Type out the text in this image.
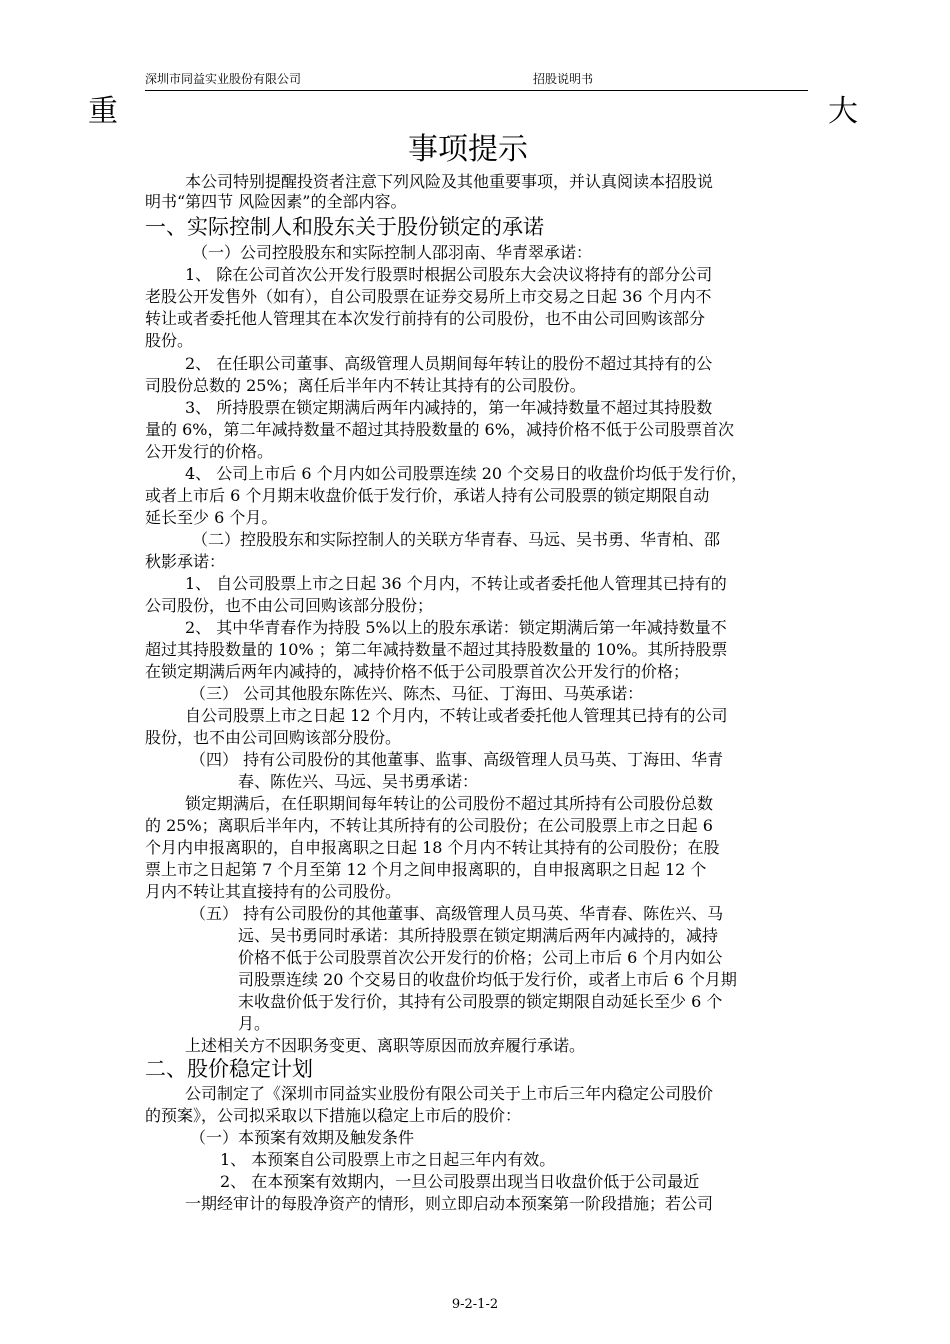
深圳市同益实业股份有限公司	招股说明书
重	大
事项提示
本公司特别提醒投资者注意下列风险及其他重要事项，并认真阅读本招股说
明书“第四节 风险因素”的全部内容。
一、实际控制人和股东关于股份锁定的承诺
（一）公司控股股东和实际控制人邵羽南、华青翠承诺：
1、 除在公司首次公开发行股票时根据公司股东大会决议将持有的部分公司
老股公开发售外（如有），自公司股票在证券交易所上市交易之日起 36 个月内不
转让或者委托他人管理其在本次发行前持有的公司股份，也不由公司回购该部分
股份。
2、 在任职公司董事、高级管理人员期间每年转让的股份不超过其持有的公
司股份总数的 25%；离任后半年内不转让其持有的公司股份。
3、 所持股票在锁定期满后两年内减持的，第一年减持数量不超过其持股数
量的 6%，第二年减持数量不超过其持股数量的 6%，减持价格不低于公司股票首次
公开发行的价格。
4、 公司上市后 6 个月内如公司股票连续 20 个交易日的收盘价均低于发行价，
或者上市后 6 个月期末收盘价低于发行价，承诺人持有公司股票的锁定期限自动
延长至少 6 个月。
（二）控股股东和实际控制人的关联方华青春、马远、吴书勇、华青柏、邵
秋影承诺：
1、 自公司股票上市之日起 36 个月内，不转让或者委托他人管理其已持有的
公司股份，也不由公司回购该部分股份；
2、 其中华青春作为持股 5%以上的股东承诺：锁定期满后第一年减持数量不
超过其持股数量的 10% ；第二年减持数量不超过其持股数量的 10%。其所持股票
在锁定期满后两年内减持的，减持价格不低于公司股票首次公开发行的价格；
（三） 公司其他股东陈佐兴、陈杰、马征、丁海田、马英承诺：
自公司股票上市之日起 12 个月内，不转让或者委托他人管理其已持有的公司
股份，也不由公司回购该部分股份。
（四） 持有公司股份的其他董事、监事、高级管理人员马英、丁海田、华青
春、陈佐兴、马远、吴书勇承诺：
锁定期满后，在任职期间每年转让的公司股份不超过其所持有公司股份总数
的 25%；离职后半年内，不转让其所持有的公司股份；在公司股票上市之日起 6
个月内申报离职的，自申报离职之日起 18 个月内不转让其持有的公司股份；在股
票上市之日起第 7 个月至第 12 个月之间申报离职的，自申报离职之日起 12 个
月内不转让其直接持有的公司股份。
（五） 持有公司股份的其他董事、高级管理人员马英、华青春、陈佐兴、马
远、吴书勇同时承诺：其所持股票在锁定期满后两年内减持的，减持
价格不低于公司股票首次公开发行的价格；公司上市后 6 个月内如公
司股票连续 20 个交易日的收盘价均低于发行价，或者上市后 6 个月期
末收盘价低于发行价，其持有公司股票的锁定期限自动延长至少 6 个
月。
上述相关方不因职务变更、离职等原因而放弃履行承诺。
二、股价稳定计划
公司制定了《深圳市同益实业股份有限公司关于上市后三年内稳定公司股价
的预案》，公司拟采取以下措施以稳定上市后的股价：
（一）本预案有效期及触发条件
1、 本预案自公司股票上市之日起三年内有效。
2、 在本预案有效期内，一旦公司股票出现当日收盘价低于公司最近
一期经审计的每股净资产的情形，则立即启动本预案第一阶段措施；若公司
9-2-1-2
